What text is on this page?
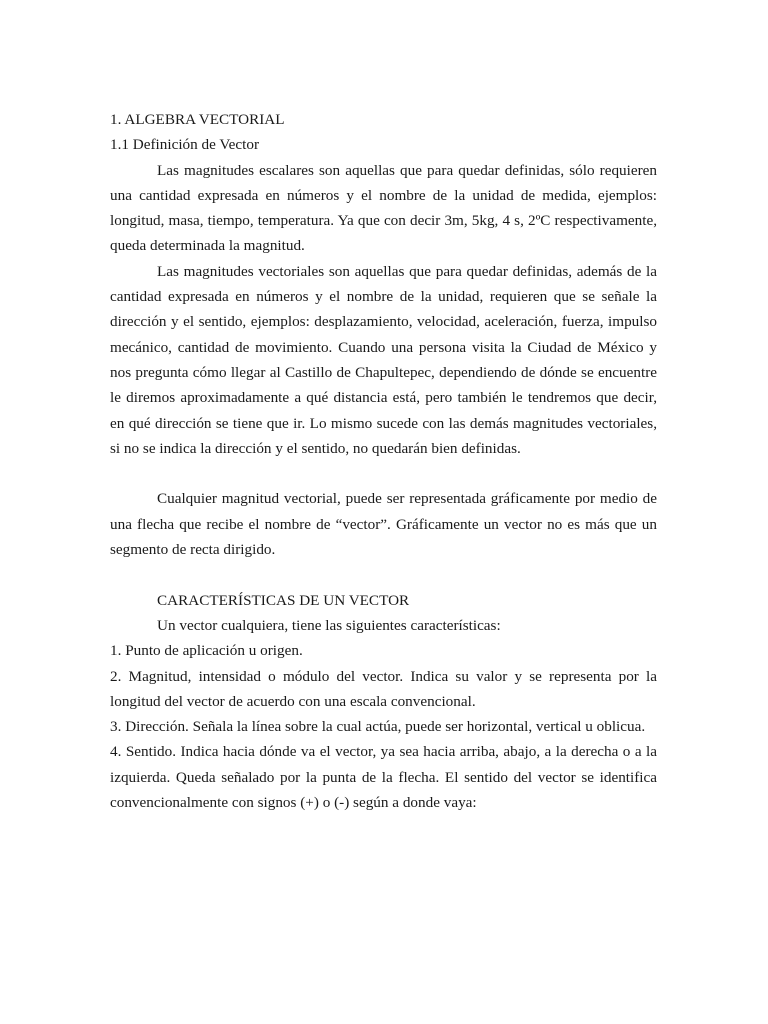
1. ALGEBRA VECTORIAL

1.1 Definición de Vector

Las magnitudes escalares son aquellas que para quedar definidas, sólo requieren una cantidad expresada en números y el nombre de la unidad de medida, ejemplos: longitud, masa, tiempo, temperatura. Ya que con decir 3m, 5kg, 4 s, 2ºC respectivamente, queda determinada la magnitud.

Las magnitudes vectoriales son aquellas que para quedar definidas, además de la cantidad expresada en números y el nombre de la unidad, requieren que se señale la dirección y el sentido, ejemplos: desplazamiento, velocidad, aceleración, fuerza, impulso mecánico, cantidad de movimiento. Cuando una persona visita la Ciudad de México y nos pregunta cómo llegar al Castillo de Chapultepec, dependiendo de dónde se encuentre le diremos aproximadamente a qué distancia está, pero también le tendremos que decir, en qué dirección se tiene que ir. Lo mismo sucede con las demás magnitudes vectoriales, si no se indica la dirección y el sentido, no quedarán bien definidas.

Cualquier magnitud vectorial, puede ser representada gráficamente por medio de una flecha que recibe el nombre de “vector”. Gráficamente un vector no es más que un segmento de recta dirigido.

CARACTERÍSTICAS DE UN VECTOR

Un vector cualquiera, tiene las siguientes características:

1. Punto de aplicación u origen.

2. Magnitud, intensidad o módulo del vector. Indica su valor y se representa por la longitud del vector de acuerdo con una escala convencional.

3. Dirección. Señala la línea sobre la cual actúa, puede ser horizontal, vertical u oblicua.

4. Sentido. Indica hacia dónde va el vector, ya sea hacia arriba, abajo, a la derecha o a la izquierda. Queda señalado por la punta de la flecha. El sentido del vector se identifica convencionalmente con signos (+) o (-) según a donde vaya:
